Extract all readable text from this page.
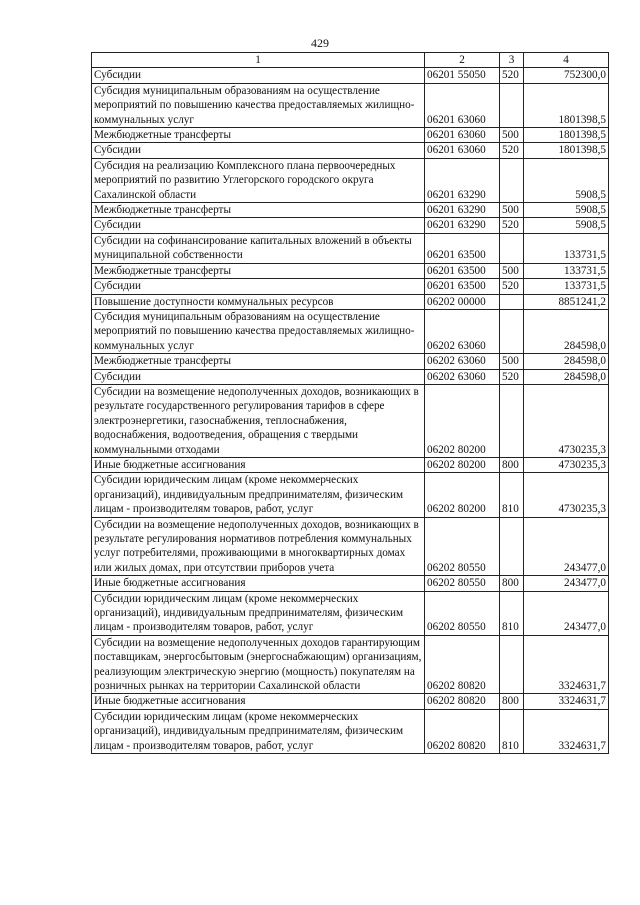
429
1	2	3	4
Субсидии	06201 55050	520	752300,0
Субсидия муниципальным образованиям на осуществление мероприятий по повышению качества предоставляемых жилищно-коммунальных услуг	06201 63060		1801398,5
Межбюджетные трансферты	06201 63060	500	1801398,5
Субсидии	06201 63060	520	1801398,5
Субсидия на реализацию Комплексного плана первоочередных мероприятий по развитию Углегорского городского округа Сахалинской области	06201 63290		5908,5
Межбюджетные трансферты	06201 63290	500	5908,5
Субсидии	06201 63290	520	5908,5
Субсидии на софинансирование капитальных вложений в объекты муниципальной собственности	06201 63500		133731,5
Межбюджетные трансферты	06201 63500	500	133731,5
Субсидии	06201 63500	520	133731,5
Повышение доступности коммунальных ресурсов	06202 00000		8851241,2
Субсидия муниципальным образованиям на осуществление мероприятий по повышению качества предоставляемых жилищно-коммунальных услуг	06202 63060		284598,0
Межбюджетные трансферты	06202 63060	500	284598,0
Субсидии	06202 63060	520	284598,0
Субсидии на возмещение недополученных доходов, возникающих в результате государственного регулирования тарифов в сфере электроэнергетики, газоснабжения, теплоснабжения, водоснабжения, водоотведения, обращения с твердыми коммунальными отходами	06202 80200		4730235,3
Иные бюджетные ассигнования	06202 80200	800	4730235,3
Субсидии юридическим лицам (кроме некоммерческих организаций), индивидуальным предпринимателям, физическим лицам - производителям товаров, работ, услуг	06202 80200	810	4730235,3
Субсидии на возмещение недополученных доходов, возникающих в результате регулирования нормативов потребления коммунальных услуг потребителями, проживающими в многоквартирных домах или жилых домах, при отсутствии приборов учета	06202 80550		243477,0
Иные бюджетные ассигнования	06202 80550	800	243477,0
Субсидии юридическим лицам (кроме некоммерческих организаций), индивидуальным предпринимателям, физическим лицам - производителям товаров, работ, услуг	06202 80550	810	243477,0
Субсидии на возмещение недополученных доходов гарантирующим поставщикам, энергосбытовым (энергоснабжающим) организациям, реализующим электрическую энергию (мощность) покупателям на розничных рынках на территории Сахалинской области	06202 80820		3324631,7
Иные бюджетные ассигнования	06202 80820	800	3324631,7
Субсидии юридическим лицам (кроме некоммерческих организаций), индивидуальным предпринимателям, физическим лицам - производителям товаров, работ, услуг	06202 80820	810	3324631,7
